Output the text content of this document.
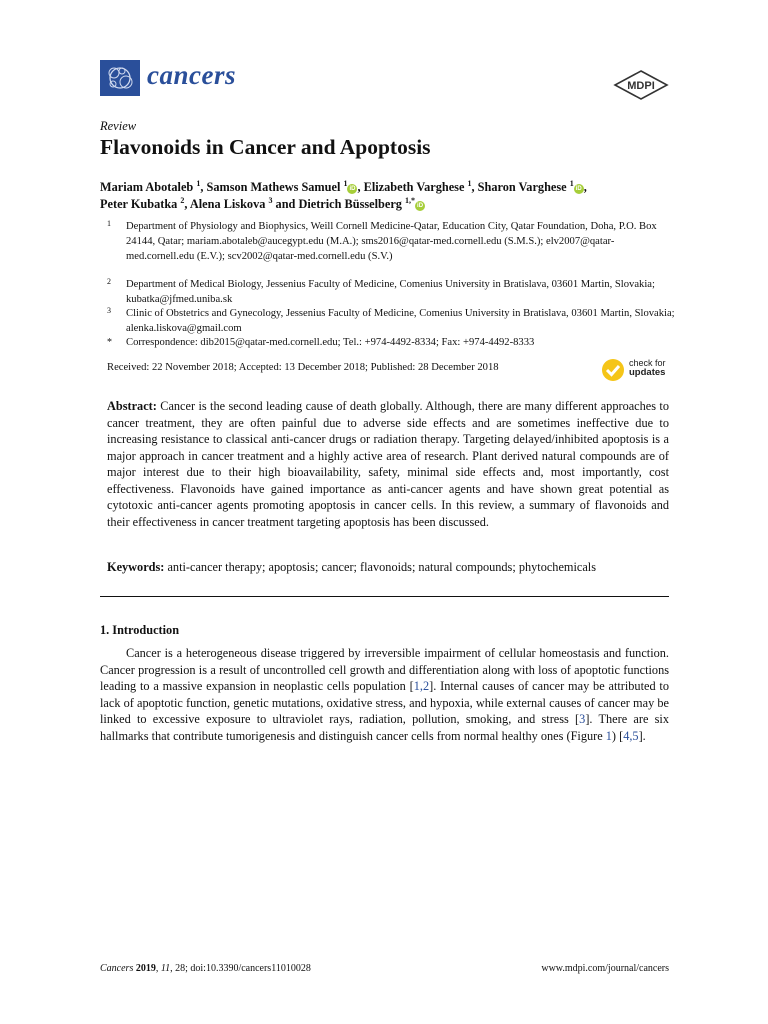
cancers	MDPI
Review
Flavonoids in Cancer and Apoptosis
Mariam Abotaleb $^1$, Samson Mathews Samuel $^1$iD , Elizabeth Varghese $^1$, Sharon Varghese $^1$iD ,
Peter Kubatka $^2$, Alena Liskova $^3$ and Dietrich Büsselberg $^{1,*}$iD
1 Department of Physiology and Biophysics, Weill Cornell Medicine-Qatar, Education City, Qatar Foundation, Doha, P.O. Box 24144, Qatar; mariam.abotaleb@aucegypt.edu (M.A.); sms2016@qatar-med.cornell.edu (S.M.S.); elv2007@qatar-med.cornell.edu (E.V.); scv2002@qatar-med.cornell.edu (S.V.)
2 Department of Medical Biology, Jessenius Faculty of Medicine, Comenius University in Bratislava, 03601 Martin, Slovakia; kubatka@jfmed.uniba.sk
3 Clinic of Obstetrics and Gynecology, Jessenius Faculty of Medicine, Comenius University in Bratislava, 03601 Martin, Slovakia; alenka.liskova@gmail.com
* Correspondence: dib2015@qatar-med.cornell.edu; Tel.: +974-4492-8334; Fax: +974-4492-8333
Received: 22 November 2018; Accepted: 13 December 2018; Published: 28 December 2018	check for
updates
Abstract: Cancer is the second leading cause of death globally. Although, there are many different approaches to cancer treatment, they are often painful due to adverse side effects and are sometimes ineffective due to increasing resistance to classical anti-cancer drugs or radiation therapy. Targeting delayed/inhibited apoptosis is a major approach in cancer treatment and a highly active area of research. Plant derived natural compounds are of major interest due to their high bioavailability, safety, minimal side effects and, most importantly, cost effectiveness. Flavonoids have gained importance as anti-cancer agents and have shown great potential as cytotoxic anti-cancer agents promoting apoptosis in cancer cells. In this review, a summary of flavonoids and their effectiveness in cancer treatment targeting apoptosis has been discussed.
Keywords: anti-cancer therapy; apoptosis; cancer; flavonoids; natural compounds; phytochemicals
1. Introduction
Cancer is a heterogeneous disease triggered by irreversible impairment of cellular homeostasis and function. Cancer progression is a result of uncontrolled cell growth and differentiation along with loss of apoptotic functions leading to a massive expansion in neoplastic cells population [1,2]. Internal causes of cancer may be attributed to lack of apoptotic function, genetic mutations, oxidative stress, and hypoxia, while external causes of cancer may be linked to excessive exposure to ultraviolet rays, radiation, pollution, smoking, and stress [3]. There are six hallmarks that contribute tumorigenesis and distinguish cancer cells from normal healthy ones (Figure 1) [4,5].
Cancers 2019, 11, 28; doi:10.3390/cancers11010028	www.mdpi.com/journal/cancers
